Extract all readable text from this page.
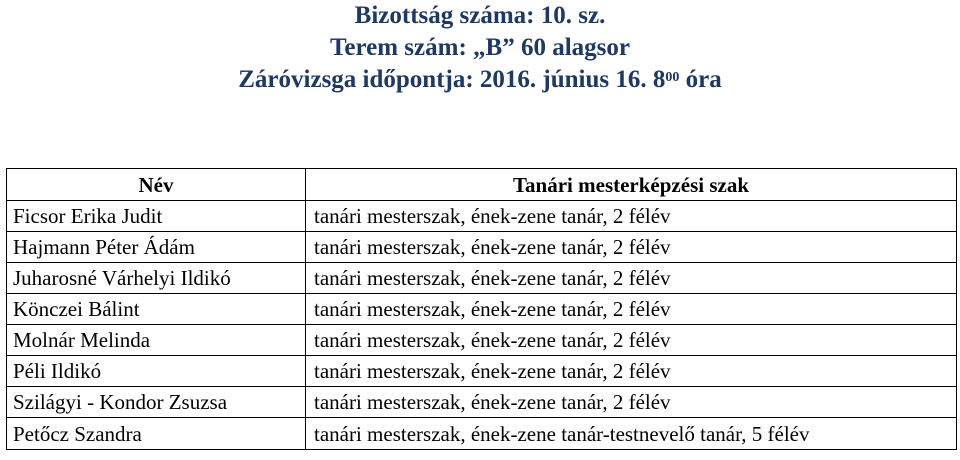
Bizottság száma: 10. sz.
Terem szám: „B” 60 alagsor
Záróvizsga időpontja: 2016. június 16. $8^{00}$ óra
Név	Tanári mesterképzési szak
Ficsor Erika Judit	tanári mesterszak, ének-zene tanár, 2 félév
Hajmann Péter Ádám	tanári mesterszak, ének-zene tanár, 2 félév
Juharosné Várhelyi Ildikó	tanári mesterszak, ének-zene tanár, 2 félév
Könczei Bálint	tanári mesterszak, ének-zene tanár, 2 félév
Molnár Melinda	tanári mesterszak, ének-zene tanár, 2 félév
Péli Ildikó	tanári mesterszak, ének-zene tanár, 2 félév
Szilágyi - Kondor Zsuzsa	tanári mesterszak, ének-zene tanár, 2 félév
Petőcz Szandra	tanári mesterszak, ének-zene tanár-testnevelő tanár, 5 félév
